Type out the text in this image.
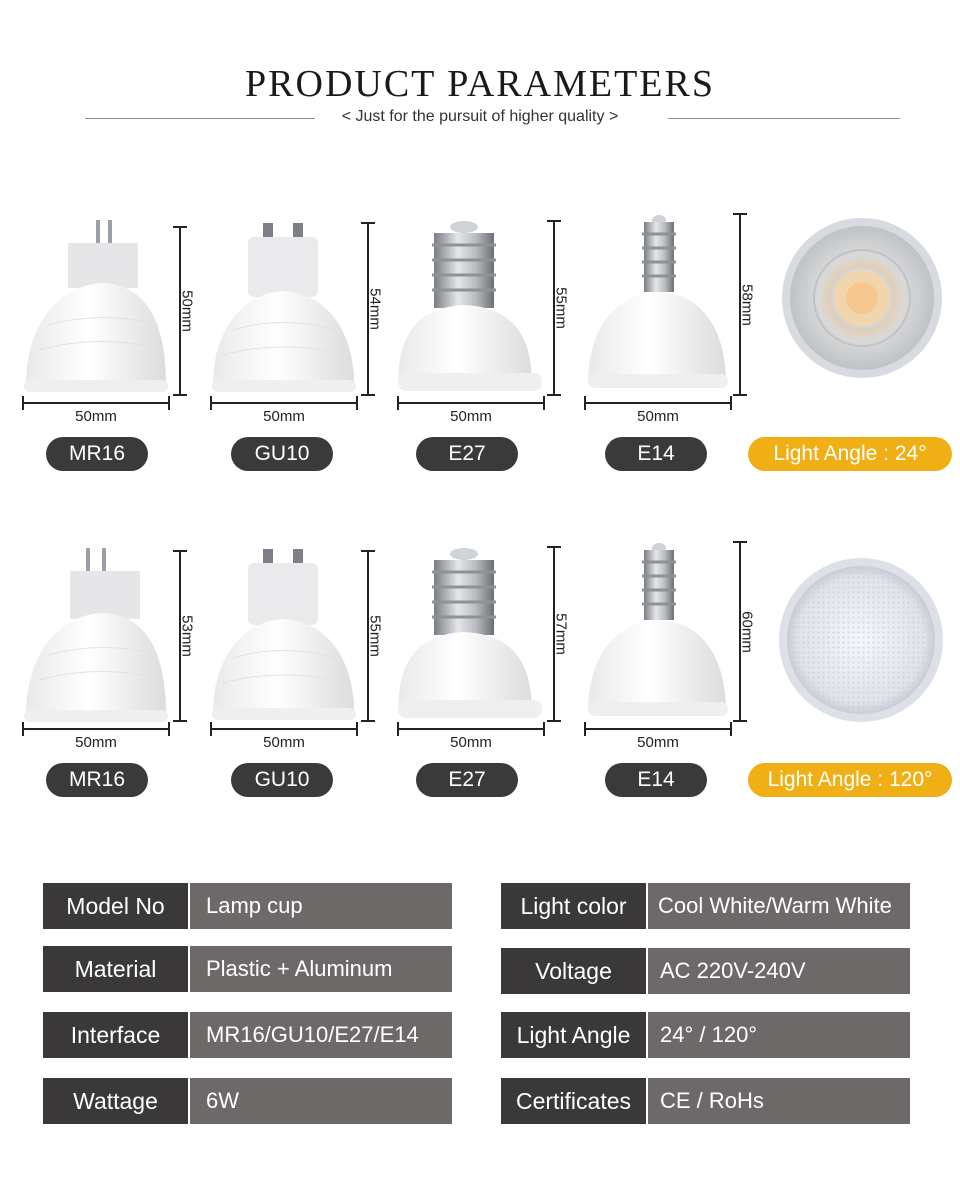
PRODUCT PARAMETERS
< Just for the pursuit of higher quality >
50mm	54mm	55mm	58mm
50mm	50mm	50mm	50mm
MR16	GU10	E27	E14	Light Angle : 24°
53mm	55mm	57mm	60mm
50mm	50mm	50mm	50mm
MR16	GU10	E27	E14	Light Angle : 120°
Model No	Lamp cup
Material	Plastic + Aluminum
Interface	MR16/GU10/E27/E14
Wattage	6W
Light color	Cool White/Warm White
Voltage	AC 220V-240V
Light Angle	24° / 120°
Certificates	CE / RoHs
